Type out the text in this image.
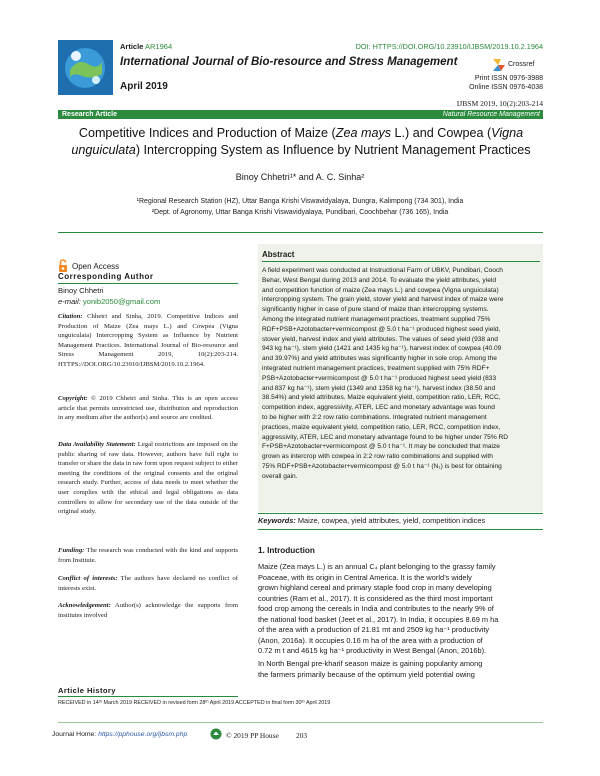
Article AR1964	DOI: HTTPS://DOI.ORG/10.23910/IJBSM/2019.10.2.1964
International Journal of Bio-resource and Stress Management	Crossref
April 2019
Print ISSN 0976-3988
Online ISSN 0976-4038
IJBSM 2019, 10(2):203-214
Research Article	Natural Resource Management
Competitive Indices and Production of Maize (Zea mays L.) and Cowpea (Vigna
unguiculata) Intercropping System as Influence by Nutrient Management Practices
Binoy Chhetri¹* and A. C. Sinha²
¹Regional Research Station (HZ), Uttar Banga Krishi Viswavidyalaya, Dungra, Kalimpong (734 301), India
²Dept. of Agronomy, Uttar Banga Krishi Viswavidyalaya, Pundibari, Coochbehar (736 165), India
Open Access
Corresponding Author
Binoy Chhetri
e-mail: yonib2050@gmail.com
Citation: Chhetri and Sinha, 2019. Competitive Indices and Production of Maize (Zea mays L.) and Cowpea (Vigna unguiculata) Intercropping System as Influence by Nutrient Management Practices. International Journal of Bio-resource and Stress Management 2019, 10(2):203-214. HTTPS://DOI.ORG/10.23910/IJBSM/2019.10.2.1964.
Copyright: © 2019 Chhetri and Sinha. This is an open access article that permits unrestricted use, distribution and reproduction in any medium after the author(s) and source are credited.
Data Availability Statement: Legal restrictions are imposed on the public sharing of raw data. However, authors have full right to transfer or share the data in raw form upon request subject to either meeting the conditions of the original consents and the original research study. Further, access of data needs to meet whether the user complies with the ethical and legal obligations as data controllers to allow for secondary use of the data outside of the original study.
Funding: The research was conducted with the kind and supports from Institute.
Conflict of interests: The authors have declared no conflict of interests exist.
Acknowledgement: Author(s) acknowledge the supports from institutes involved
Abstract
A field experiment was conducted at Instructional Farm of UBKV, Pundibari, Cooch
Behar, West Bengal during 2013 and 2014. To evaluate the yield attributes, yield
and competition function of maize (Zea mays L.) and cowpea (Vigna unguiculata)
intercropping system. The grain yield, stover yield and harvest index of maize were
significantly higher in case of pure stand of maize than intercropping systems.
Among the integrated nutrient management practices, treatment supplied 75%
RDF+PSB+Azotobacter+vermicompost @ 5.0 t ha⁻¹ produced highest seed yield,
stover yield, harvest index and yield attributes. The values of seed yield (938 and
943 kg ha⁻¹), stem yield (1421 and 1435 kg ha⁻¹), harvest index of cowpea (40.09
and 39.97%) and yield attributes was significantly higher in sole crop. Among the
integrated nutrient management practices, treatment supplied with 75% RDF+
PSB+Azotobacter+vermicompost @ 5.0 t ha⁻¹ produced highest seed yield (833
and 837 kg ha⁻¹), stem yield (1349 and 1358 kg ha⁻¹), harvest index (38.50 and
38.54%) and yield attributes. Maize equivalent yield, competition ratio, LER, RCC,
competition index, aggressivity, ATER, LEC and monetary advantage was found
to be higher with 2:2 row ratio combinations. Integrated nutrient management
practices, maize equivalent yield, competition ratio, LER, RCC, competition index,
aggressivity, ATER, LEC and monetary advantage found to be higher under 75% RD
F+PSB+Azotobacter+vermicompost @ 5.0 t ha⁻¹. It may be concluded that maize
grown as intercrop with cowpea in 2:2 row ratio combinations and supplied with
75% RDF+PSB+Azotobacter+vermicompost @ 5.0 t ha⁻¹ (N₁) is best for obtaining
overall gain.
Keywords: Maize, cowpea, yield attributes, yield, competition indices
1. Introduction
Maize (Zea mays L.) is an annual C₄ plant belonging to the grassy family
Poaceae, with its origin in Central America. It is the world’s widely
grown highland cereal and primary staple food crop in many developing
countries (Ram et al., 2017). It is considered as the third most important
food crop among the cereals in India and contributes to the nearly 9% of
the national food basket (Jeet et al., 2017). In India, it occupies 8.69 m ha
of the area with a production of 21.81 mt and 2509 kg ha⁻¹ productivity
(Anon, 2016a). It occupies 0.16 m ha of the area with a production of
0.72 m t and 4615 kg ha⁻¹ productivity in West Bengal (Anon, 2016b).
In North Bengal pre-kharif season maize is gaining popularity among
the farmers primarily because of the optimum yield potential owing
Article History
RECEIVED in 14ᵗʰ March 2019 RECEIVED in revised form 28ᵗʰ April 2019 ACCEPTED in final form 30ᵗʰ April 2019
Journal Home: https://pphouse.org/ijbsm.php	© 2019 PP House 203
